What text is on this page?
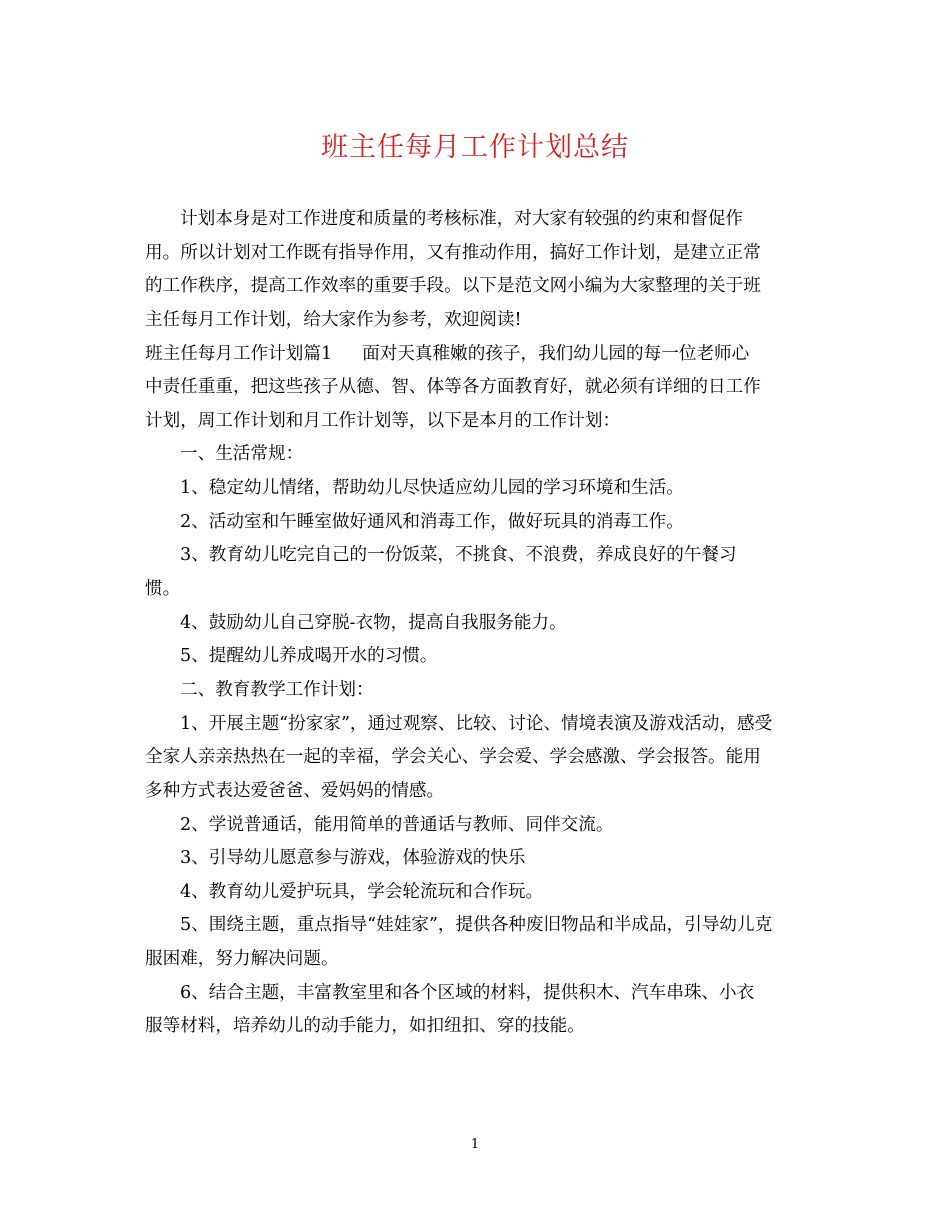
班主任每月工作计划总结
计划本身是对工作进度和质量的考核标准，对大家有较强的约束和督促作
用。所以计划对工作既有指导作用，又有推动作用，搞好工作计划，是建立正常
的工作秩序，提高工作效率的重要手段。以下是范文网小编为大家整理的关于班
主任每月工作计划，给大家作为参考，欢迎阅读!
班主任每月工作计划篇1 面对天真稚嫩的孩子，我们幼儿园的每一位老师心
中责任重重，把这些孩子从德、智、体等各方面教育好，就必须有详细的日工作
计划，周工作计划和月工作计划等，以下是本月的工作计划：
一、生活常规：
1、稳定幼儿情绪，帮助幼儿尽快适应幼儿园的学习环境和生活。
2、活动室和午睡室做好通风和消毒工作，做好玩具的消毒工作。
3、教育幼儿吃完自己的一份饭菜，不挑食、不浪费，养成良好的午餐习
惯。
4、鼓励幼儿自己穿脱-衣物，提高自我服务能力。
5、提醒幼儿养成喝开水的习惯。
二、教育教学工作计划：
1、开展主题“扮家家”，通过观察、比较、讨论、情境表演及游戏活动，感受
全家人亲亲热热在一起的幸福，学会关心、学会爱、学会感激、学会报答。能用
多种方式表达爱爸爸、爱妈妈的情感。
2、学说普通话，能用简单的普通话与教师、同伴交流。
3、引导幼儿愿意参与游戏，体验游戏的快乐
4、教育幼儿爱护玩具，学会轮流玩和合作玩。
5、围绕主题，重点指导“娃娃家”，提供各种废旧物品和半成品，引导幼儿克
服困难，努力解决问题。
6、结合主题，丰富教室里和各个区域的材料，提供积木、汽车串珠、小衣
服等材料，培养幼儿的动手能力，如扣纽扣、穿的技能。
1
